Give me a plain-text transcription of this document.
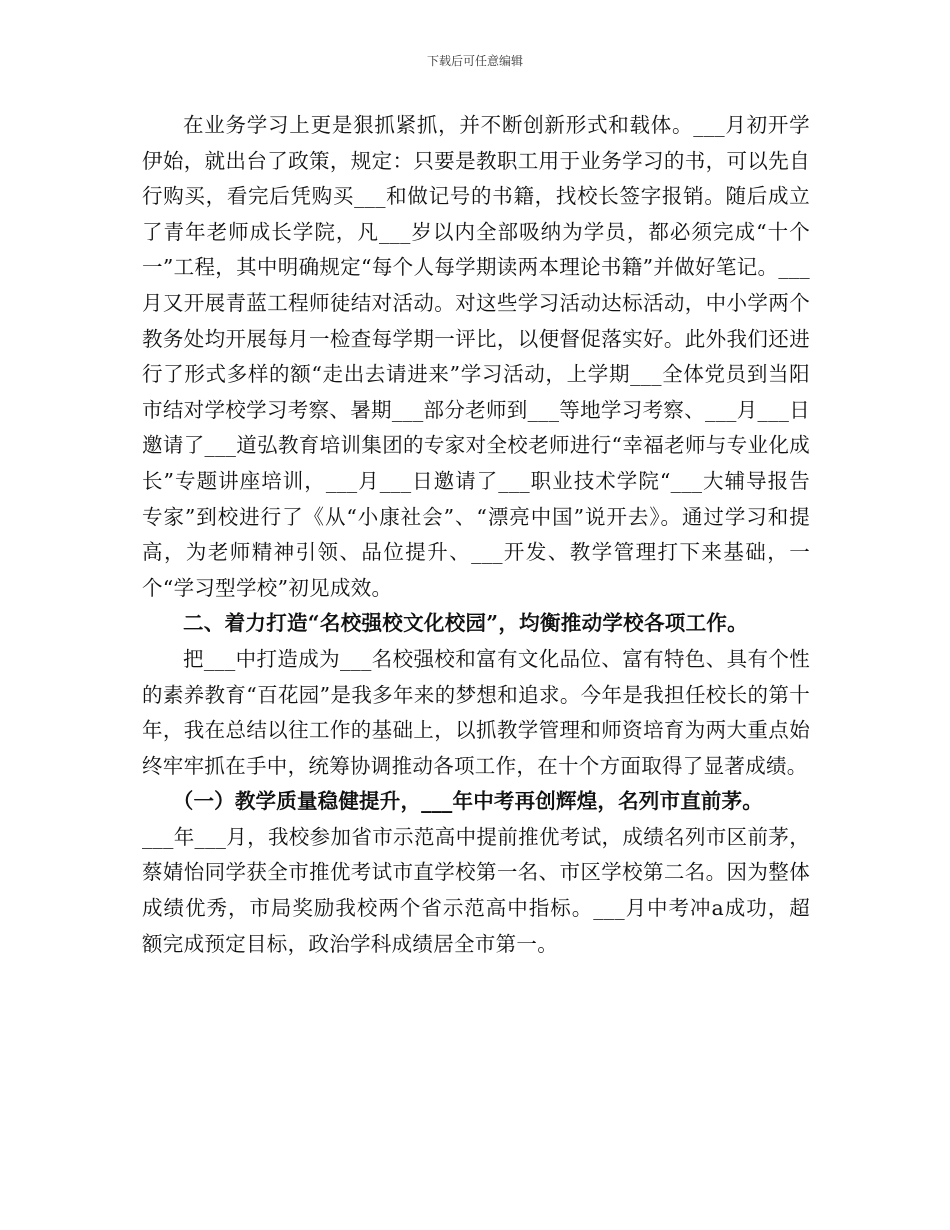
下载后可任意编辑

在业务学习上更是狠抓紧抓，并不断创新形式和载体。___月初开学伊始，就出台了政策，规定：只要是教职工用于业务学习的书，可以先自行购买，看完后凭购买___和做记号的书籍，找校长签字报销。随后成立了青年老师成长学院，凡___岁以内全部吸纳为学员，都必须完成“十个一”工程，其中明确规定“每个人每学期读两本理论书籍”并做好笔记。___月又开展青蓝工程师徒结对活动。对这些学习活动达标活动，中小学两个教务处均开展每月一检查每学期一评比，以便督促落实好。此外我们还进行了形式多样的额“走出去请进来”学习活动，上学期___全体党员到当阳市结对学校学习考察、暑期___部分老师到___等地学习考察、___月___日邀请了___道弘教育培训集团的专家对全校老师进行“幸福老师与专业化成长”专题讲座培训，___月___日邀请了___职业技术学院“___大辅导报告专家”到校进行了《从“小康社会”、“漂亮中国”说开去》。通过学习和提高，为老师精神引领、品位提升、___开发、教学管理打下来基础，一个“学习型学校”初见成效。

二、着力打造“名校强校文化校园”，均衡推动学校各项工作。

把___中打造成为___名校强校和富有文化品位、富有特色、具有个性的素养教育“百花园”是我多年来的梦想和追求。今年是我担任校长的第十年，我在总结以往工作的基础上，以抓教学管理和师资培育为两大重点始终牢牢抓在手中，统筹协调推动各项工作，在十个方面取得了显著成绩。

（一）教学质量稳健提升，___年中考再创辉煌，名列市直前茅。

___年___月，我校参加省市示范高中提前推优考试，成绩名列市区前茅，蔡婧怡同学获全市推优考试市直学校第一名、市区学校第二名。因为整体成绩优秀，市局奖励我校两个省示范高中指标。___月中考冲a成功，超额完成预定目标，政治学科成绩居全市第一。
